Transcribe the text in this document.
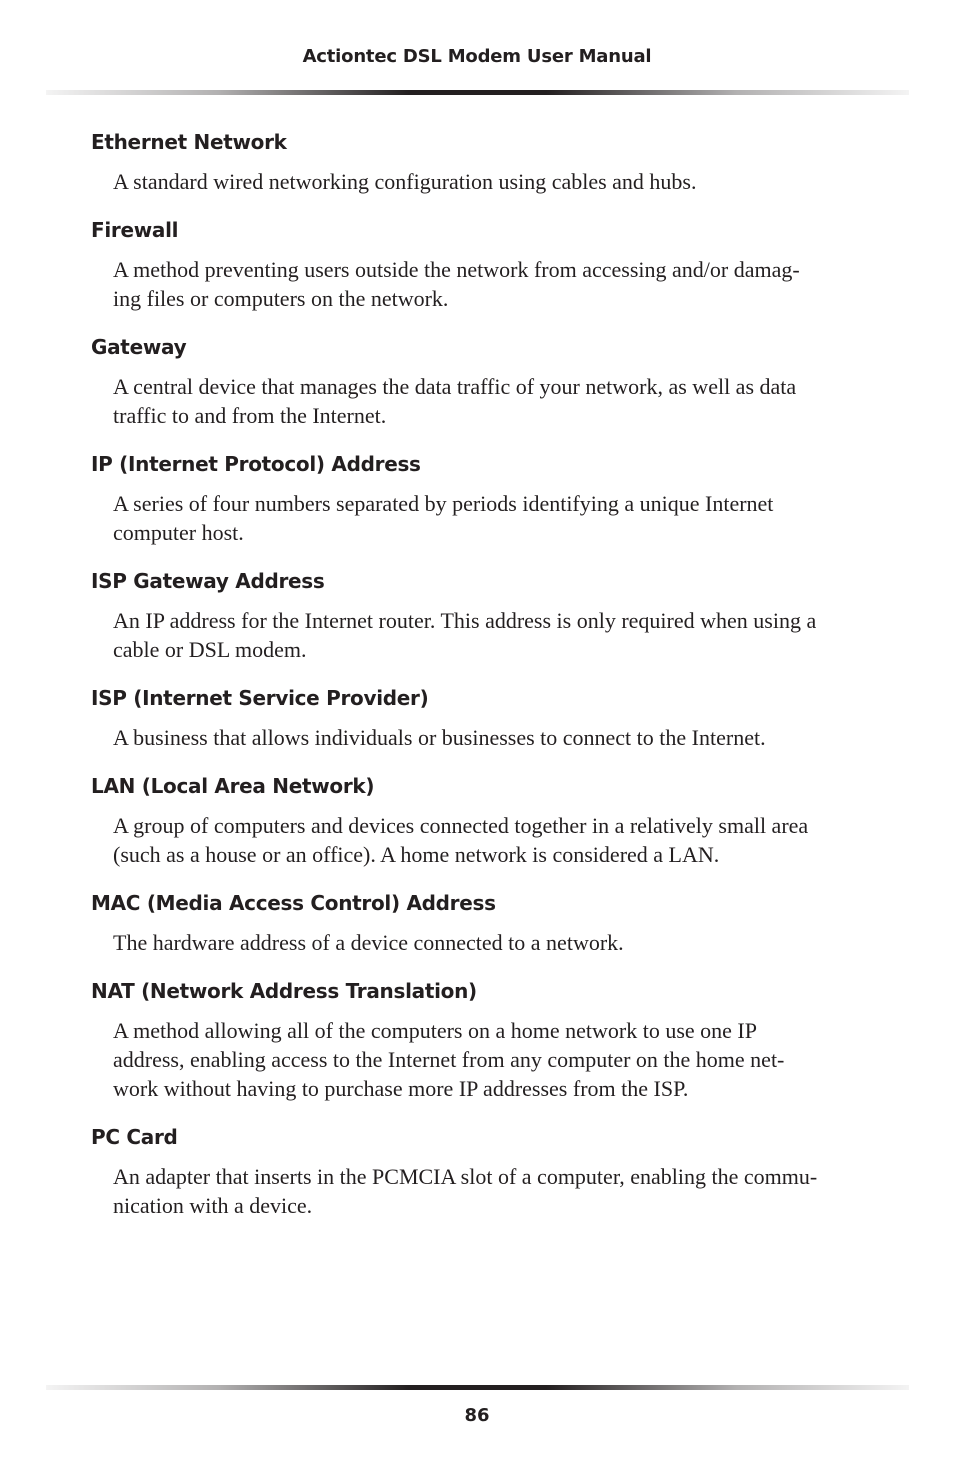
Actiontec DSL Modem User Manual
Ethernet Network
A standard wired networking configuration using cables and hubs.
Firewall
A method preventing users outside the network from accessing and/or damag-
ing files or computers on the network.
Gateway
A central device that manages the data traffic of your network, as well as data
traffic to and from the Internet.
IP (Internet Protocol) Address
A series of four numbers separated by periods identifying a unique Internet
computer host.
ISP Gateway Address
An IP address for the Internet router. This address is only required when using a
cable or DSL modem.
ISP (Internet Service Provider)
A business that allows individuals or businesses to connect to the Internet.
LAN (Local Area Network)
A group of computers and devices connected together in a relatively small area
(such as a house or an office). A home network is considered a LAN.
MAC (Media Access Control) Address
The hardware address of a device connected to a network.
NAT (Network Address Translation)
A method allowing all of the computers on a home network to use one IP
address, enabling access to the Internet from any computer on the home net-
work without having to purchase more IP addresses from the ISP.
PC Card
An adapter that inserts in the PCMCIA slot of a computer, enabling the commu-
nication with a device.
86
